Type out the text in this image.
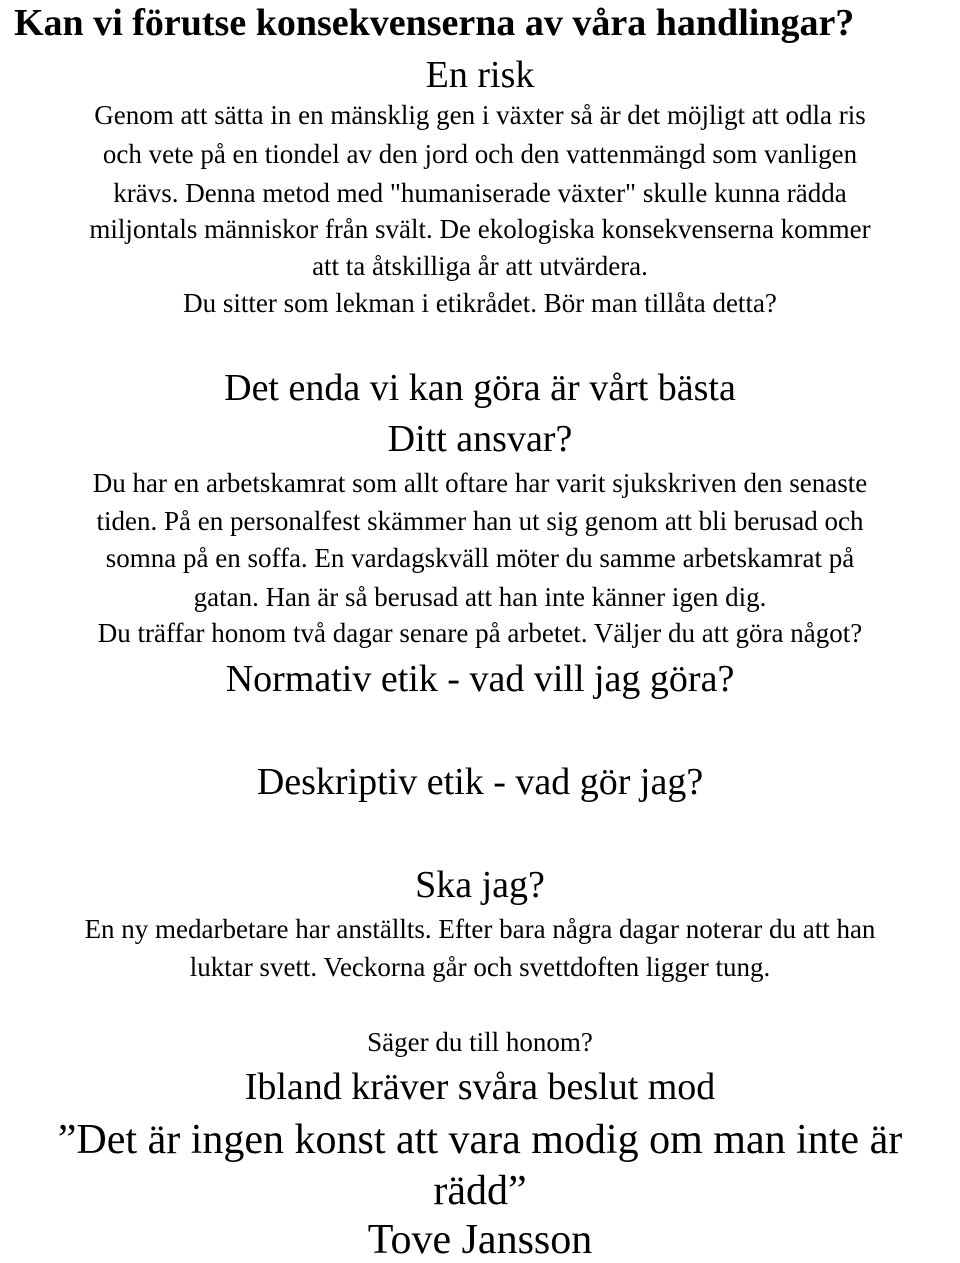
Kan vi förutse konsekvenserna av våra handlingar?
En risk
Genom att sätta in en mänsklig gen i växter så är det möjligt att odla ris
och vete på en tiondel av den jord och den vattenmängd som vanligen
krävs. Denna metod med "humaniserade växter" skulle kunna rädda
miljontals människor från svält. De ekologiska konsekvenserna kommer
att ta åtskilliga år att utvärdera.
Du sitter som lekman i etikrådet. Bör man tillåta detta?
Det enda vi kan göra är vårt bästa
Ditt ansvar?
Du har en arbetskamrat som allt oftare har varit sjukskriven den senaste
tiden. På en personalfest skämmer han ut sig genom att bli berusad och
somna på en soffa. En vardagskväll möter du samme arbetskamrat på
gatan. Han är så berusad att han inte känner igen dig.
Du träffar honom två dagar senare på arbetet. Väljer du att göra något?
Normativ etik - vad vill jag göra?
Deskriptiv etik - vad gör jag?
Ska jag?
En ny medarbetare har anställts. Efter bara några dagar noterar du att han
luktar svett. Veckorna går och svettdoften ligger tung.
Säger du till honom?
Ibland kräver svåra beslut mod
”Det är ingen konst att vara modig om man inte är
rädd”
Tove Jansson
